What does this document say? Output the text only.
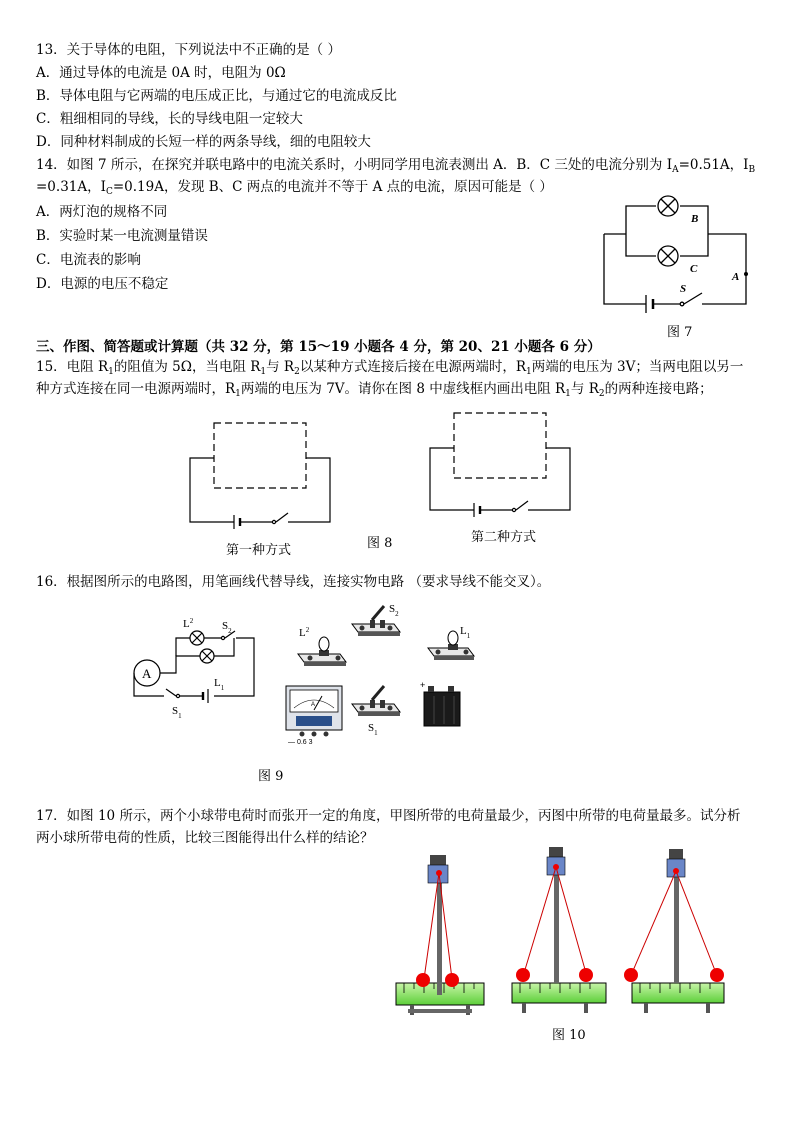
13．关于导体的电阻，下列说法中不正确的是（ ）
A．通过导体的电流是 0A 时，电阻为 0Ω
B．导体电阻与它两端的电压成正比，与通过它的电流成反比
C．粗细相同的导线，长的导线电阻一定较大
D．同种材料制成的长短一样的两条导线，细的电阻较大
14．如图 7 所示，在探究并联电路中的电流关系时，小明同学用电流表测出 A．B．C 三处的电流分别为 $I_A=0.51A$，$I_B$
=0.31A，$I_C=0.19A$，发现 B、C 两点的电流并不等于 A 点的电流，原因可能是（ ）
A．两灯泡的规格不同
B．实验时某一电流测量错误
C．电流表的影响
D．电源的电压不稳定
B
C
A
S
图 7
三、作图、简答题或计算题（共 32 分，第 15～19 小题各 4 分，第 20、21 小题各 6 分）
15．电阻 $R_1$的阻值为 5Ω，当电阻 $R_1$与 $R_2$以某种方式连接后接在电源两端时，$R_1$两端的电压为 3V；当两电阻以另一
种方式连接在同一电源两端时，$R_1$两端的电压为 7V。请你在图 8 中虚线框内画出电阻 $R_1$与 $R_2$的两种连接电路；
第一种方式	图 8	第二种方式
16．根据图所示的电路图，用笔画线代替导线，连接实物电路 （要求导线不能交叉）。
A
$L^2$	$S_2$
$L_1$
$S_1$
$L^2$
$S_2$
$L_1$
A
— 0.6 3
$S_1$
+
图 9
17．如图 10 所示，两个小球带电荷时而张开一定的角度，甲图所带的电荷量最少，丙图中所带的电荷量最多。试分析
两小球所带电荷的性质，比较三图能得出什么样的结论？
图 10
